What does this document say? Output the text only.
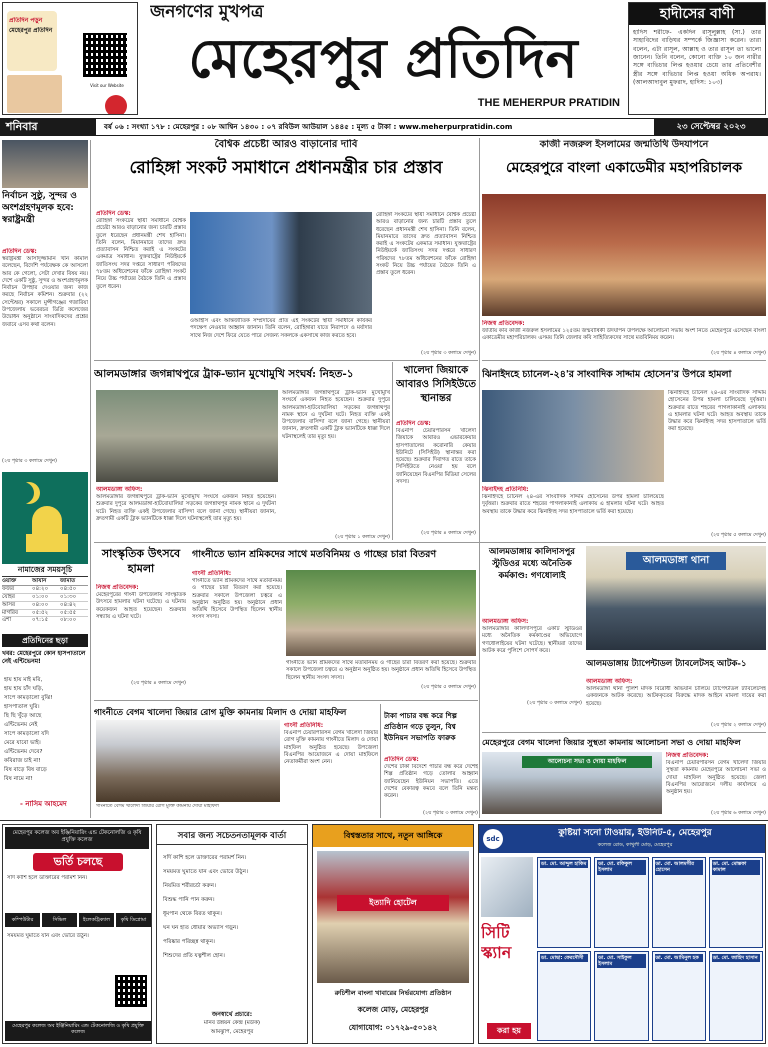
প্রতিদিন পড়ুন
মেহেরপুর প্রতিদিন
Visit our Website
জনগণের মুখপত্র
মেহেরপুর প্রতিদিন
THE MEHERPUR PRATIDIN
হাদীসের বাণী
হাদিস শরীফে- একদিন রাসূলুল্লাহ (সা.) তার সাহাবিদের বাড়িঘর সম্পর্কে জিজ্ঞাসা করেন। তারা বলেন, এটা রাসূল, আল্লাহ ও তার রাসূল তা ভালো জানেন। তিনি বলেন, কোনো ব্যক্তি ১০ জন নারীর সঙ্গে ব্যভিচার লিপ্ত হওয়ার চেয়ে তার প্রতিবেশীর স্ত্রীর সঙ্গে ব্যভিচার লিপ্ত হওয়া অধিক অপরাধ। (আলআদাবুল মুফরাদ, হাদিস: ১০৩)
শনিবার	বর্ষ ০৬ : সংখ্যা ১৭৮ : মেহেরপুর : ০৮ আশ্বিন ১৪৩০ : ০৭ রবিউল আউয়াল ১৪৪৫ : মূল্য ৫ টাকা : www.meherpurpratidin.com	২৩ সেপ্টেম্বর ২০২৩
নির্বাচন সুষ্ঠু, সুন্দর ও অংশগ্রহণমূলক হবে: স্বরাষ্ট্রমন্ত্রী
প্রতিদিন ডেস্ক:
স্বরাষ্ট্রমন্ত্রী আসাদুজ্জামান খান কামাল বলেছেন, বিদেশি পর্যবেক্ষক কে আসলো আর কে গেলো, সেটা দেখার বিষয় নয়। দেশে একটি সুষ্ঠু, সুন্দর ও অংশগ্রহণমূলক নির্বাচন উপহার দেওয়ার জন্য কাজ করছে নির্বাচন কমিশন। শুক্রবার (২২ সেপ্টেম্বর) সকালে মুন্সীগঞ্জের গজারিয়া উপজেলায় ভবেরচর ডিগ্রি কলেজের উদ্বোধন অনুষ্ঠানে সাংবাদিকদের প্রশ্নের জবাবে এসব কথা বলেন।
(২য় পৃষ্ঠার ৩ কলামে দেখুন)
নামাজের সময়সূচি
ওয়াক্ত	আযান	জামাত
ফজর	০৪:২০	০৪:৫০
যোহর	০১:০০	০১:৩০
আসর	০৪:০০	০৪:৪২
মাগরিব	০৫:৫২	০৫:৫৫
এশা	০৭:১৫	০৮:০০
প্রতিদিনের ছড়া
খবর: মেহেরপুরে কোন হাসপাতালে নেই এন্টিভেনম!
হায় হায় মাই মরি,
হায় হায় চাঁদ ঘড়ি,
সাপে কামড়ালো বুঝি!
হাসপাতাল ঘুরি।
ছি ছি খুঁড়ে আছে
এন্টিভেনম নেই
সাপে কামড়ালো যদি
মেরে যাবো ভাই।
এন্টিভেনম দেবে?
কবিরাজ চাই না!
বিষ বাড়ে বিষ বাড়ে
বিষ নামে না!
- নাসিম আহমেদ
বৈশ্বিক প্রচেষ্টা আরও বাড়ানোর দাবি
রোহিঙ্গা সংকট সমাধানে প্রধানমন্ত্রীর চার প্রস্তাব
প্রতিদিন ডেস্ক:
রোহিঙ্গা সংকটের স্থায়ী সমাধানে বৈশ্বিক প্রচেষ্টা আরও বাড়ানোর জন্য চারটি প্রস্তাব তুলে ধরেছেন প্রধানমন্ত্রী শেখ হাসিনা। তিনি বলেন, মিয়ানমারে তাদের দ্রুত প্রত্যাবাসন নিশ্চিত করাই এ সংকটের একমাত্র সমাধান। যুক্তরাষ্ট্রের নিউইয়র্কে জাতিসংঘ সদর দপ্তরে সাধারণ পরিষদের ৭৮তম অধিবেশনের ফাঁকে রোহিঙ্গা সংকট নিয়ে উচ্চ পর্যায়ের বৈঠকে তিনি এ প্রস্তাব তুলে ধরেন।
ওআইসি এবং আন্তর্জাতিক সম্প্রদায়ের প্রতি এই সংকটের স্থায়ী সমাধানে কার্যকর পদক্ষেপ নেওয়ার আহ্বান জানান। তিনি বলেন, রোহিঙ্গারা যাতে নিরাপদে ও মর্যাদার সাথে নিজ দেশে ফিরে যেতে পারে সেজন্য সকলকে একসাথে কাজ করতে হবে।
রোহিঙ্গা সংকটের স্থায়ী সমাধানে বৈশ্বিক প্রচেষ্টা আরও বাড়ানোর জন্য চারটি প্রস্তাব তুলে ধরেছেন প্রধানমন্ত্রী শেখ হাসিনা। তিনি বলেন, মিয়ানমারে তাদের দ্রুত প্রত্যাবাসন নিশ্চিত করাই এ সংকটের একমাত্র সমাধান। যুক্তরাষ্ট্রের নিউইয়র্কে জাতিসংঘ সদর দপ্তরে সাধারণ পরিষদের ৭৮তম অধিবেশনের ফাঁকে রোহিঙ্গা সংকট নিয়ে উচ্চ পর্যায়ের বৈঠকে তিনি এ প্রস্তাব তুলে ধরেন।
(২য় পৃষ্ঠার ৩ কলামে দেখুন)
কাজী নজরুল ইসলামের জন্মতিথি উদযাপনে
মেহেরপুরে বাংলা একাডেমীর মহাপরিচালক
নিজস্ব প্রতিবেদক:
জাতীয় কবি কাজী নজরুল ইসলামের ১২৫তম জন্মবার্ষিকী উদযাপন উপলক্ষে আলোচনা সভায় অংশ নিতে মেহেরপুরে এসেছেন বাংলা একাডেমীর মহাপরিচালক। এসময় তিনি জেলার কবি সাহিত্যিকদের সাথে মতবিনিময় করেন।
(২য় পৃষ্ঠার ৪ কলামে দেখুন)
আলমডাঙ্গার জগন্নাথপুরে ট্রাক-ভ্যান মুখোমুখি সংঘর্ষ: নিহত-১
আলমডাঙ্গা অফিস:
আলমডাঙ্গার জগন্নাথপুরে ট্রাক-ভ্যান মুখোমুখি সংঘর্ষে একজন নিহত হয়েছেন। শুক্রবার দুপুরে আলমডাঙ্গা-হাটবোয়ালিয়া সড়কের জগন্নাথপুর নামক স্থানে এ দুর্ঘটনা ঘটে। নিহত ব্যক্তি একই উপজেলার বাসিন্দা বলে জানা গেছে। স্থানীয়রা জানান, দ্রুতগামী একটি ট্রাক ভ্যানটিকে ধাক্কা দিলে ঘটনাস্থলেই তার মৃত্যু হয়।
আলমডাঙ্গার জগন্নাথপুরে ট্রাক-ভ্যান মুখোমুখি সংঘর্ষে একজন নিহত হয়েছেন। শুক্রবার দুপুরে আলমডাঙ্গা-হাটবোয়ালিয়া সড়কের জগন্নাথপুর নামক স্থানে এ দুর্ঘটনা ঘটে। নিহত ব্যক্তি একই উপজেলার বাসিন্দা বলে জানা গেছে। স্থানীয়রা জানান, দ্রুতগামী একটি ট্রাক ভ্যানটিকে ধাক্কা দিলে ঘটনাস্থলেই তার মৃত্যু হয়।
(২য় পৃষ্ঠার ১ কলামে দেখুন)
খালেদা জিয়াকে আবারও সিসিইউতে স্থানান্তর
প্রতিদিন ডেস্ক:
বিএনপি চেয়ারপারসন খালেদা জিয়াকে আবারও এভারকেয়ার হাসপাতালের করোনারি কেয়ার ইউনিটে (সিসিইউ) স্থানান্তর করা হয়েছে। শুক্রবার দিবাগত রাতে তাকে সিসিইউতে নেওয়া হয় বলে জানিয়েছেন বিএনপির মিডিয়া সেলের সদস্য।
(২য় পৃষ্ঠার ৪ কলামে দেখুন)
ঝিনাইদহে চ্যানেল-২৪'র সাংবাদিক সাদ্দাম হোসেন'র উপরে হামলা
ঝিনাইদহ প্রতিনিধি:
ঝিনাইদহে চ্যানেল ২৪-এর সাংবাদিক সাদ্দাম হোসেনের উপর হামলা চালিয়েছে দুর্বৃত্তরা। শুক্রবার রাতে শহরের পাগলাকানাই এলাকায় এ হামলার ঘটনা ঘটে। আহত অবস্থায় তাকে উদ্ধার করে ঝিনাইদহ সদর হাসপাতালে ভর্তি করা হয়েছে।
ঝিনাইদহে চ্যানেল ২৪-এর সাংবাদিক সাদ্দাম হোসেনের উপর হামলা চালিয়েছে দুর্বৃত্তরা। শুক্রবার রাতে শহরের পাগলাকানাই এলাকায় এ হামলার ঘটনা ঘটে। আহত অবস্থায় তাকে উদ্ধার করে ঝিনাইদহ সদর হাসপাতালে ভর্তি করা হয়েছে।
(২য় পৃষ্ঠার ৫ কলামে দেখুন)
সাংস্কৃতিক উৎসবে হামলা
নিজস্ব প্রতিবেদক:
মেহেরপুরের গাংনী উপজেলায় সাংস্কৃতিক উৎসবে হামলার ঘটনা ঘটেছে। এ ঘটনায় কয়েকজন আহত হয়েছেন। শুক্রবার সন্ধ্যায় এ ঘটনা ঘটে।
(২য় পৃষ্ঠার ৪ কলামে দেখুন)
গাংনীতে ভ্যান শ্রমিকদের সাথে মতবিনিময় ও গাছের চারা বিতরণ
গাংনী প্রতিনিধি:
গাংনীতে ভ্যান শ্রমিকদের সাথে মতবিনিময় ও গাছের চারা বিতরণ করা হয়েছে। শুক্রবার সকালে উপজেলা চত্বরে এ অনুষ্ঠান অনুষ্ঠিত হয়। অনুষ্ঠানে প্রধান অতিথি হিসেবে উপস্থিত ছিলেন স্থানীয় সংসদ সদস্য।
গাংনীতে ভ্যান শ্রমিকদের সাথে মতবিনিময় ও গাছের চারা বিতরণ করা হয়েছে। শুক্রবার সকালে উপজেলা চত্বরে এ অনুষ্ঠান অনুষ্ঠিত হয়। অনুষ্ঠানে প্রধান অতিথি হিসেবে উপস্থিত ছিলেন স্থানীয় সংসদ সদস্য।
(২য় পৃষ্ঠার ৫ কলামে দেখুন)
আলমডাঙ্গায় কালিদাসপুর স্টুডিওর মধ্যে অনৈতিক কর্মকাণ্ড: গণধোলাই
আলমডাঙ্গা অফিস:
আলমডাঙ্গার কালিদাসপুরে একটি স্টুডিওর মধ্যে অনৈতিক কর্মকাণ্ডের অভিযোগে গণধোলাইয়ের ঘটনা ঘটেছে। স্থানীয়রা তাদের আটক করে পুলিশে সোপর্দ করে।
(২য় পৃষ্ঠার ৩ কলামে দেখুন)
আলমডাঙ্গা থানা
আলমডাঙ্গায় ট্যাপেন্টাডল ট্যাবলেটসহ আটক-১
আলমডাঙ্গা অফিস:
আলমডাঙ্গা থানা পুলিশ মাদক বিরোধী অভিযান চালিয়ে ট্যাপেন্টাডল ট্যাবলেটসহ একজনকে আটক করেছে। আটককৃতের বিরুদ্ধে মাদক আইনে মামলা দায়ের করা হয়েছে।
(২য় পৃষ্ঠার ২ কলামে দেখুন)
গাংনীতে বেগম খালেদা জিয়ার রোগ মুক্তি কামনায় মিলাদ ও দোয়া মাহফিল
গাংনীতে বেগম খালেদা জিয়ার রোগ মুক্তি কামনায় দোয়া মাহফিল
গাংনী প্রতিনিধি:
বিএনপি চেয়ারপারসন বেগম খালেদা জিয়ার রোগ মুক্তি কামনায় গাংনীতে মিলাদ ও দোয়া মাহফিল অনুষ্ঠিত হয়েছে। উপজেলা বিএনপির আয়োজনে এ দোয়া মাহফিলে নেতাকর্মীরা অংশ নেন।
টাকা পাচার বন্ধ করে শিল্প প্রতিষ্ঠান গড়ে তুলুন, বিশ্ব ইউনিয়ন সভাপতি ফারুক
প্রতিদিন ডেস্ক:
দেশের টাকা বিদেশে পাচার বন্ধ করে দেশেই শিল্প প্রতিষ্ঠান গড়ে তোলার আহ্বান জানিয়েছেন ইউনিয়ন সভাপতি। এতে দেশের বেকারত্ব কমবে বলে তিনি মন্তব্য করেন।
(২য় পৃষ্ঠার ৩ কলামে দেখুন)
মেহেরপুরে বেগম খালেদা জিয়ার সুস্থতা কামনায় আলোচনা সভা ও দোয়া মাহফিল
আলোচনা সভা ও দোয়া মাহফিল
নিজস্ব প্রতিবেদক:
বিএনপি চেয়ারপারসন বেগম খালেদা জিয়ার সুস্থতা কামনায় মেহেরপুরে আলোচনা সভা ও দোয়া মাহফিল অনুষ্ঠিত হয়েছে। জেলা বিএনপির আয়োজনে দলীয় কার্যালয়ে এ অনুষ্ঠান হয়।
(২য় পৃষ্ঠার ৬ কলামে দেখুন)
মেহেরপুর কলেজ অব ইঞ্জিনিয়ারিং এন্ড টেকনোলজি ও কৃষি প্রযুক্তি কলেজ
ভর্তি চলছে
সর্দি কাশি হলে ডাক্তারের পরামর্শ নিন।
কম্পিউটার	সিভিল	ইলেকট্রিক্যাল	কৃষি ডিপ্লোমা
সময়মত ঘুমাতে যান এবং ভোরে উঠুন।
মেহেরপুর কলেজ অব ইঞ্জিনিয়ারিং এন্ড টেকনোলজি ও কৃষি প্রযুক্তি কলেজ
সবার জন্য সচেতনতামূলক বার্তা
সর্দি কাশি হলে ডাক্তারের পরামর্শ নিন।
সময়মত ঘুমাতে যান এবং ভোরে উঠুন।
নিয়মিত শরীরচর্চা করুন।
বিশুদ্ধ পানি পান করুন।
ধূমপান থেকে বিরত থাকুন।
ঘন ঘন হাত ধোয়ার অভ্যাস গড়ুন।
পরিষ্কার পরিচ্ছন্ন থাকুন।
শিশুদের প্রতি যত্নশীল হোন।
জনস্বার্থে প্রচারে:
মানব উন্নয়ন কেন্দ্র (মউক)
আমঝুপি, মেহেরপুর
বিশ্বস্ততার সাথে, নতুন আঙ্গিকে
ইত্যাদি হোটেল
রুচিশীল বাংলা খাবারের নির্ভরযোগ্য প্রতিষ্ঠান
কলেজ মোড়, মেহেরপুর
যোগাযোগ: ০১৭২৯-৫০১৪২
sdc
কুষ্টিয়া সনো টাওয়ার, ইউনিট-৫, মেহেরপুর
কলেজ রোড, কাথুলী মোড়, মেহেরপুর
সিটি স্ক্যান
করা হয়
ডা. মো. আব্দুল হাকিম	ডা. মো. রফিকুল ইসলাম
ডা. মো. আলমগীর হোসেন
ডা. মো. মোস্তফা কামাল
ডা. মোছা: ফেরদৌসী	ডা. মো. সাইফুল ইসলাম
ডা. মো. আমিনুল হক	ডা. মো. জাহিদ হাসান
